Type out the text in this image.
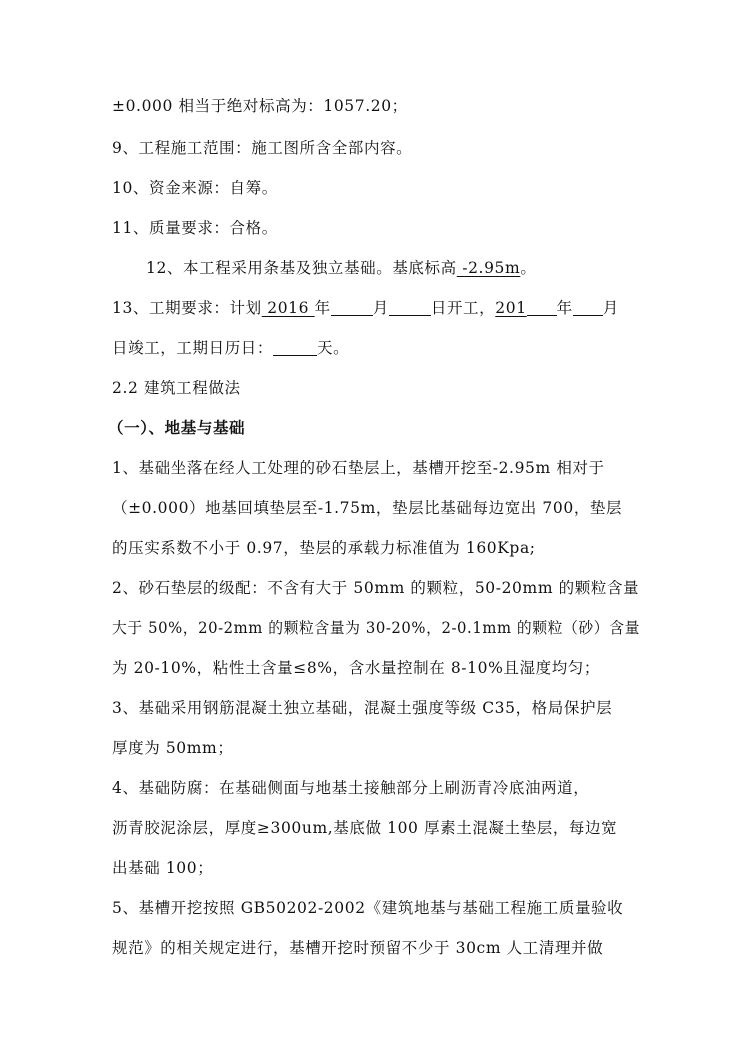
±0.000 相当于绝对标高为：1057.20；
9、工程施工范围：施工图所含全部内容。
10、资金来源：自筹。
11、质量要求：合格。
12、本工程采用条基及独立基础。基底标高 -2.95m。
13、工期要求：计划 2016 年	月	日开工，201 年 月
日竣工，工期日历日：	天。
2.2 建筑工程做法
（一）、地基与基础
1、基础坐落在经人工处理的砂石垫层上，基槽开挖至-2.95m 相对于
（±0.000）地基回填垫层至-1.75m，垫层比基础每边宽出 700，垫层
的压实系数不小于 0.97，垫层的承载力标准值为 160Kpa;
2、砂石垫层的级配：不含有大于 50mm 的颗粒，50-20mm 的颗粒含量
大于 50%，20-2mm 的颗粒含量为 30-20%，2-0.1mm 的颗粒（砂）含量
为 20-10%，粘性土含量≤8%，含水量控制在 8-10%且湿度均匀；
3、基础采用钢筋混凝土独立基础，混凝土强度等级 C35，格局保护层
厚度为 50mm；
4、基础防腐：在基础侧面与地基土接触部分上刷沥青冷底油两道，
沥青胶泥涂层，厚度≥300um,基底做 100 厚素土混凝土垫层，每边宽
出基础 100；
5、基槽开挖按照 GB50202-2002《建筑地基与基础工程施工质量验收
规范》的相关规定进行，基槽开挖时预留不少于 30cm 人工清理并做
